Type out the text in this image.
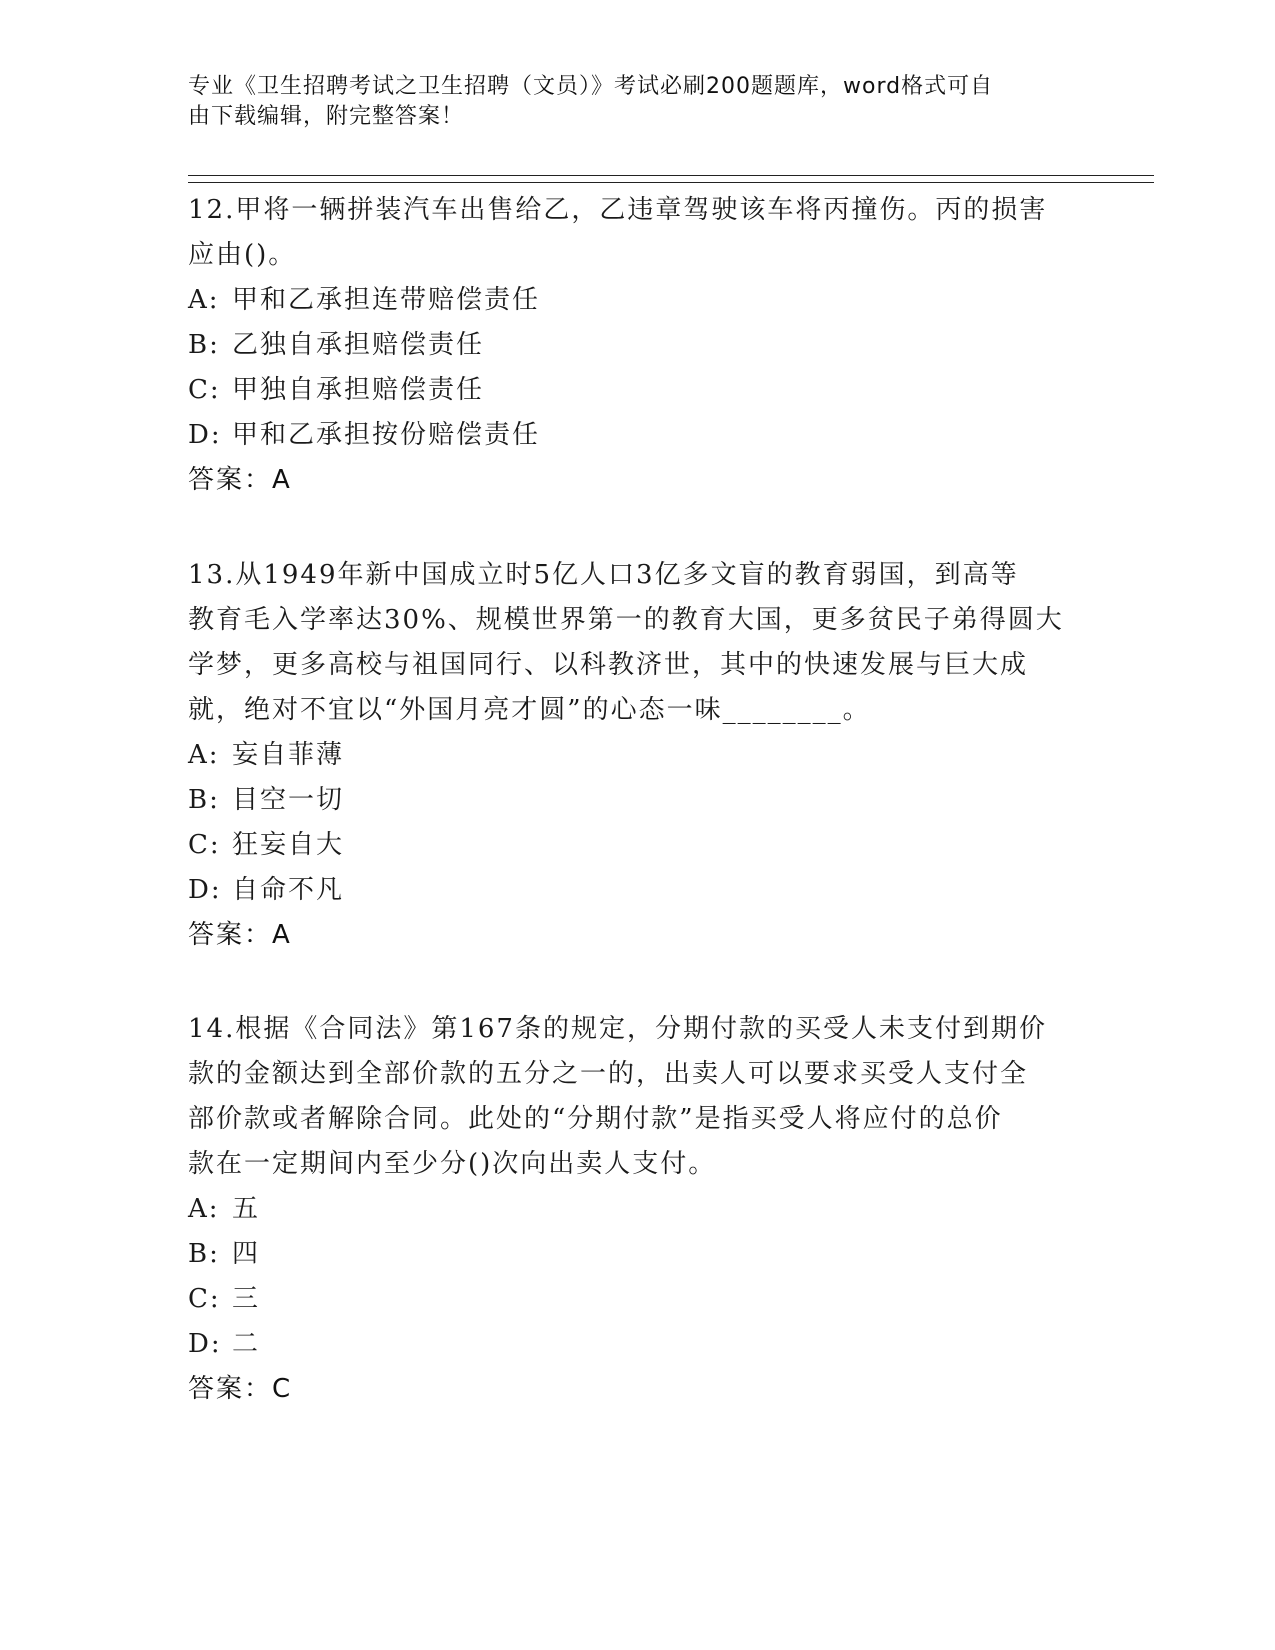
专业《卫生招聘考试之卫生招聘（文员）》考试必刷200题题库，word格式可自
由下载编辑，附完整答案！

12.甲将一辆拼装汽车出售给乙，乙违章驾驶该车将丙撞伤。丙的损害

应由()。

A: 甲和乙承担连带赔偿责任
B: 乙独自承担赔偿责任
C: 甲独自承担赔偿责任
D: 甲和乙承担按份赔偿责任

答案：A

13.从1949年新中国成立时5亿人口3亿多文盲的教育弱国，到高等

教育毛入学率达30%、规模世界第一的教育大国，更多贫民子弟得圆大

学梦，更多高校与祖国同行、以科教济世，其中的快速发展与巨大成

就，绝对不宜以“外国月亮才圆”的心态一味________。

A: 妄自菲薄
B: 目空一切
C: 狂妄自大
D: 自命不凡

答案：A

14.根据《合同法》第167条的规定，分期付款的买受人未支付到期价

款的金额达到全部价款的五分之一的，出卖人可以要求买受人支付全

部价款或者解除合同。此处的“分期付款”是指买受人将应付的总价

款在一定期间内至少分()次向出卖人支付。

A: 五
B: 四
C: 三
D: 二

答案：C
